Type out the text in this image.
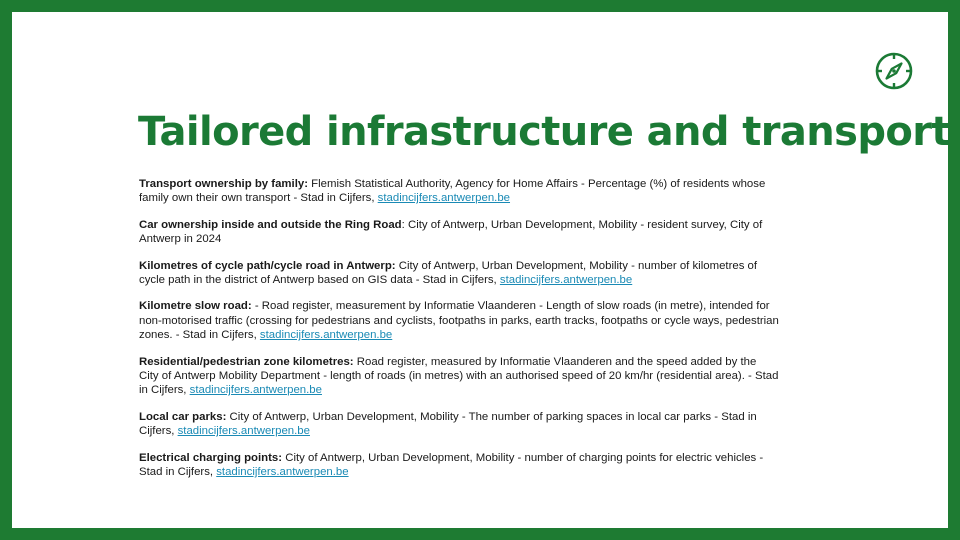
Tailored infrastructure and transport

Transport ownership by family: Flemish Statistical Authority, Agency for Home Affairs - Percentage (%) of residents whose family own their own transport - Stad in Cijfers, stadincijfers.antwerpen.be

Car ownership inside and outside the Ring Road: City of Antwerp, Urban Development, Mobility - resident survey, City of Antwerp in 2024

Kilometres of cycle path/cycle road in Antwerp: City of Antwerp, Urban Development, Mobility - number of kilometres of cycle path in the district of Antwerp based on GIS data - Stad in Cijfers, stadincijfers.antwerpen.be

Kilometre slow road: - Road register, measurement by Informatie Vlaanderen - Length of slow roads (in metre), intended for non-motorised traffic (crossing for pedestrians and cyclists, footpaths in parks, earth tracks, footpaths or cycle ways, pedestrian zones. - Stad in Cijfers, stadincijfers.antwerpen.be

Residential/pedestrian zone kilometres: Road register, measured by Informatie Vlaanderen and the speed added by the City of Antwerp Mobility Department - length of roads (in metres) with an authorised speed of 20 km/hr (residential area). - Stad in Cijfers, stadincijfers.antwerpen.be

Local car parks: City of Antwerp, Urban Development, Mobility - The number of parking spaces in local car parks - Stad in Cijfers, stadincijfers.antwerpen.be

Electrical charging points: City of Antwerp, Urban Development, Mobility - number of charging points for electric vehicles - Stad in Cijfers, stadincijfers.antwerpen.be
